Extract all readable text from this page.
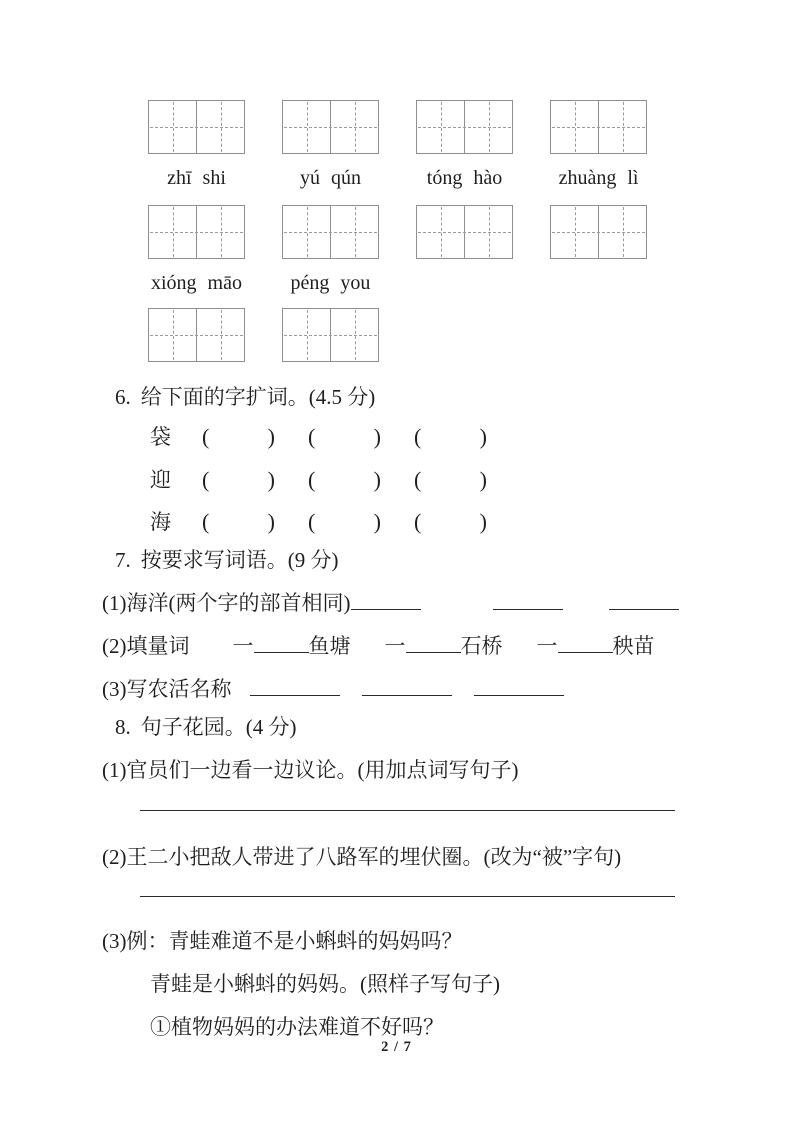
zhī shi	yú qún	tóng hào	zhuàng lì
xióng māo	péng you
6. 给下面的字扩词。(4.5 分)
袋 (	) (	) (	)
迎 (	) (	) (	)
海 (	) (	) (	)
7. 按要求写词语。(9 分)
(1)海洋(两个字的部首相同)
(2)填量词 一	鱼塘 一	石桥 一	秧苗
(3)写农活名称
8. 句子花园。(4 分)
(1)官员们一边看一边议论。(用加点词写句子)
(2)王二小把敌人带进了八路军的埋伏圈。(改为“被”字句)
(3)例：青蛙难道不是小蝌蚪的妈妈吗？
青蛙是小蝌蚪的妈妈。(照样子写句子)
①植物妈妈的办法难道不好吗？
2 / 7
